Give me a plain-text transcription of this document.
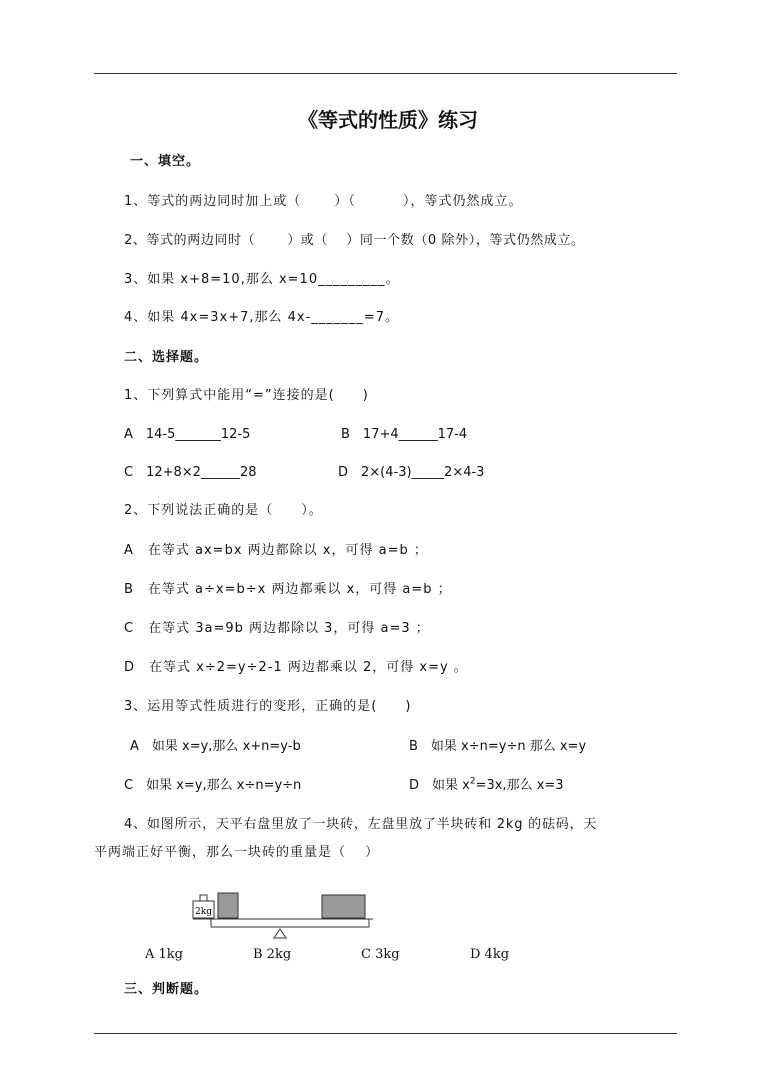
《等式的性质》练习
一、填空。
1、等式的两边同时加上或（　　 ）（　　　 ），等式仍然成立。
2、等式的两边同时（　　 ）或（　 ）同一个数（0 除外），等式仍然成立。
3、如果 x+8=10,那么 x=10_________。
4、如果 4x=3x+7,那么 4x-_______=7。
二、选择题。
1、下列算式中能用“=”连接的是(　　)
A　14-5_______12-5	B　17+4______17-4
C　12+8×2______28	D　2×(4-3)_____2×4-3
2、下列说法正确的是（　　）。
A　在等式 ax=bx 两边都除以 x，可得 a=b ；
B　在等式 a÷x=b÷x 两边都乘以 x，可得 a=b ；
C　在等式 3a=9b 两边都除以 3，可得 a=3 ；
D　在等式 x÷2=y÷2-1 两边都乘以 2，可得 x=y 。
3、运用等式性质进行的变形，正确的是(　　)
A　如果 x=y,那么 x+n=y-b	B　如果 x÷n=y÷n 那么 x=y
C　如果 x=y,那么 x÷n=y÷n	D　如果 $x^2=3x$,那么 x=3
4、如图所示，天平右盘里放了一块砖，左盘里放了半块砖和 2kg 的砝码，天
平两端正好平衡，那么一块砖的重量是（　 ）
2kg
A 1kg	B 2kg	C 3kg	D 4kg
三、判断题。
